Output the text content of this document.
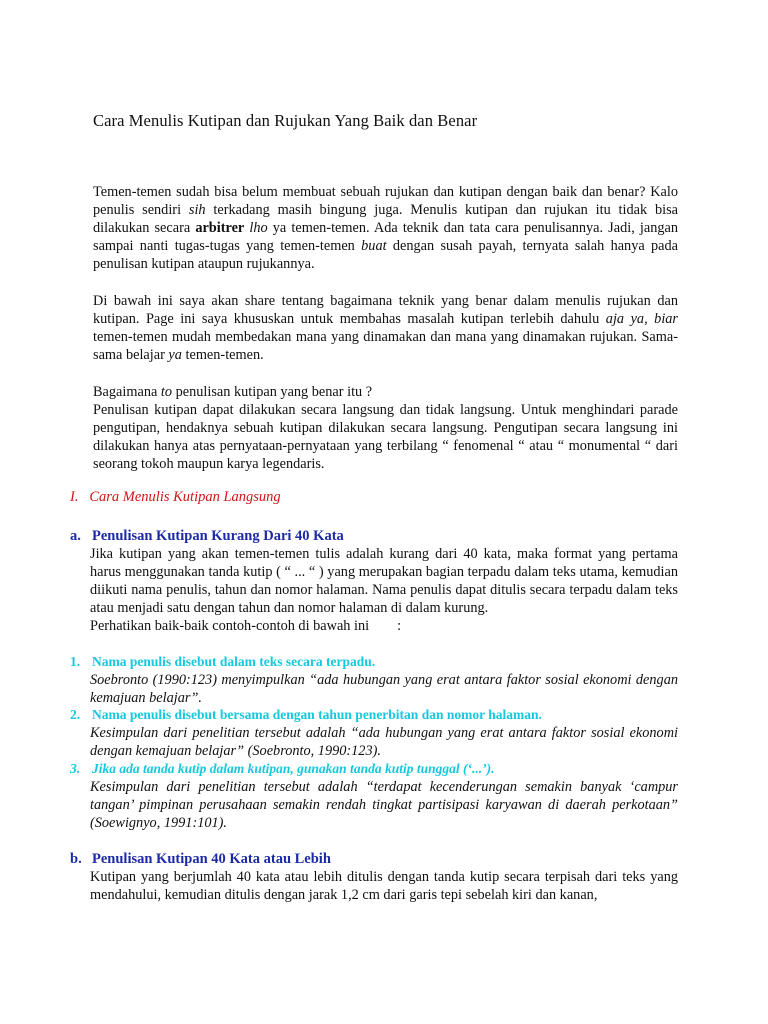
Cara Menulis Kutipan dan Rujukan Yang Baik dan Benar

Temen-temen sudah bisa belum membuat sebuah rujukan dan kutipan dengan baik dan benar? Kalo penulis sendiri sih terkadang masih bingung juga. Menulis kutipan dan rujukan itu tidak bisa dilakukan secara arbitrer lho ya temen-temen. Ada teknik dan tata cara penulisannya. Jadi, jangan sampai nanti tugas-tugas yang temen-temen buat dengan susah payah, ternyata salah hanya pada penulisan kutipan ataupun rujukannya.

Di bawah ini saya akan share tentang bagaimana teknik yang benar dalam menulis rujukan dan kutipan. Page ini saya khususkan untuk membahas masalah kutipan terlebih dahulu aja ya, biar temen-temen mudah membedakan mana yang dinamakan dan mana yang dinamakan rujukan. Sama-sama belajar ya temen-temen.

Bagaimana to penulisan kutipan yang benar itu ?

Penulisan kutipan dapat dilakukan secara langsung dan tidak langsung. Untuk menghindari parade pengutipan, hendaknya sebuah kutipan dilakukan secara langsung. Pengutipan secara langsung ini dilakukan hanya atas pernyataan-pernyataan yang terbilang “ fenomenal “ atau “ monumental “ dari seorang tokoh maupun karya legendaris.

I. Cara Menulis Kutipan Langsung
a. Penulisan Kutipan Kurang Dari 40 Kata

Jika kutipan yang akan temen-temen tulis adalah kurang dari 40 kata, maka format yang pertama harus menggunakan tanda kutip ( “ ... “ ) yang merupakan bagian terpadu dalam teks utama, kemudian diikuti nama penulis, tahun dan nomor halaman. Nama penulis dapat ditulis secara terpadu dalam teks atau menjadi satu dengan tahun dan nomor halaman di dalam kurung.

Perhatikan baik-baik contoh-contoh di bawah ini :

1. Nama penulis disebut dalam teks secara terpadu.
Soebronto (1990:123) menyimpulkan “ada hubungan yang erat antara faktor sosial ekonomi dengan kemajuan belajar”.
2. Nama penulis disebut bersama dengan tahun penerbitan dan nomor halaman.
Kesimpulan dari penelitian tersebut adalah “ada hubungan yang erat antara faktor sosial ekonomi dengan kemajuan belajar” (Soebronto, 1990:123).
3. Jika ada tanda kutip dalam kutipan, gunakan tanda kutip tunggal (‘...’).
Kesimpulan dari penelitian tersebut adalah “terdapat kecenderungan semakin banyak ‘campur tangan’ pimpinan perusahaan semakin rendah tingkat partisipasi karyawan di daerah perkotaan” (Soewignyo, 1991:101).
b. Penulisan Kutipan 40 Kata atau Lebih
Kutipan yang berjumlah 40 kata atau lebih ditulis dengan tanda kutip secara terpisah dari teks yang mendahului, kemudian ditulis dengan jarak 1,2 cm dari garis tepi sebelah kiri dan kanan,
